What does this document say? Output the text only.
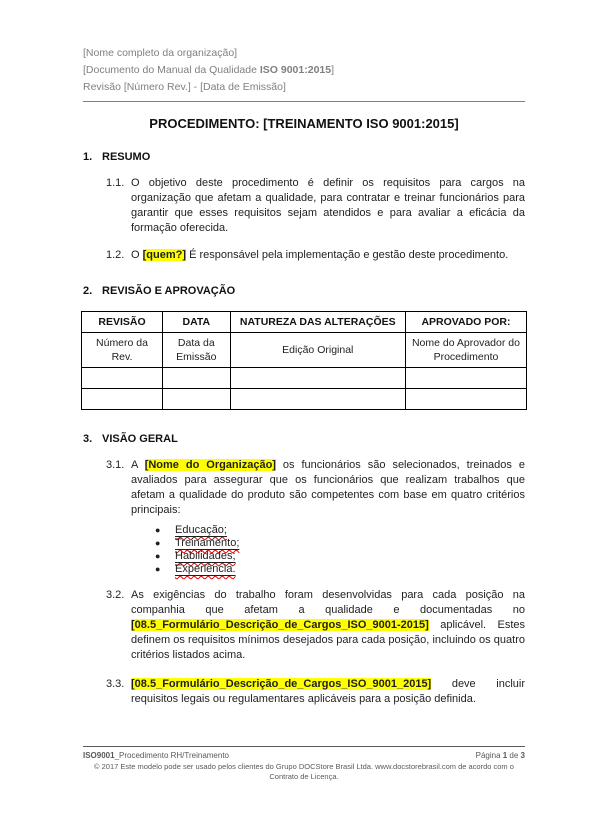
[Nome completo da organização]
[Documento do Manual da Qualidade ISO 9001:2015]
Revisão [Número Rev.] - [Data de Emissão]
PROCEDIMENTO: [TREINAMENTO ISO 9001:2015]
1. RESUMO
1.1. O objetivo deste procedimento é definir os requisitos para cargos na organização que afetam a qualidade, para contratar e treinar funcionários para garantir que esses requisitos sejam atendidos e para avaliar a eficácia da formação oferecida.
1.2. O [quem?] É responsável pela implementação e gestão deste procedimento.
2. REVISÃO E APROVAÇÃO
REVISÃO	DATA	NATUREZA DAS ALTERAÇÕES	APROVADO POR:
Número da Rev.	Data da Emissão	Edição Original	Nome do Aprovador do Procedimento

3. VISÃO GERAL
3.1. A [Nome do Organização] os funcionários são selecionados, treinados e avaliados para assegurar que os funcionários que realizam trabalhos que afetam a qualidade do produto são competentes com base em quatro critérios principais:
●	Educação;
●	Treinamento;
●	Habilidades;
●	Experiência.
3.2. As exigências do trabalho foram desenvolvidas para cada posição na companhia que afetam a qualidade e documentadas no [08.5_Formulário_Descrição_de_Cargos_ISO_9001-2015] aplicável. Estes definem os requisitos mínimos desejados para cada posição, incluindo os quatro critérios listados acima.
3.3. [08.5_Formulário_Descrição_de_Cargos_ISO_9001_2015] deve incluir requisitos legais ou regulamentares aplicáveis para a posição definida.
ISO9001_Procedimento RH/Treinamento	Página 1 de 3
© 2017 Este modelo pode ser usado pelos clientes do Grupo DOCStore Brasil Ltda. www.docstorebrasil.com de acordo com o Contrato de Licença.
